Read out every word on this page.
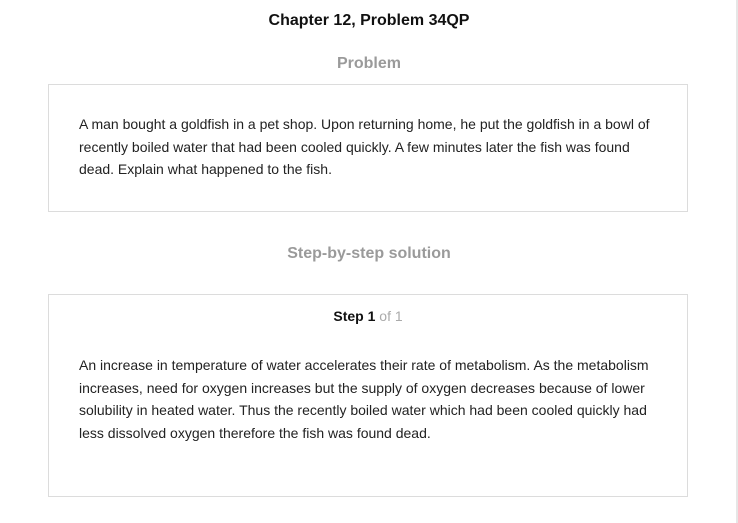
Chapter 12, Problem 34QP
Problem
A man bought a goldfish in a pet shop. Upon returning home, he put the goldfish in a bowl of recently boiled water that had been cooled quickly. A few minutes later the fish was found dead. Explain what happened to the fish.
Step-by-step solution
Step 1 of 1
An increase in temperature of water accelerates their rate of metabolism. As the metabolism increases, need for oxygen increases but the supply of oxygen decreases because of lower solubility in heated water. Thus the recently boiled water which had been cooled quickly had less dissolved oxygen therefore the fish was found dead.
